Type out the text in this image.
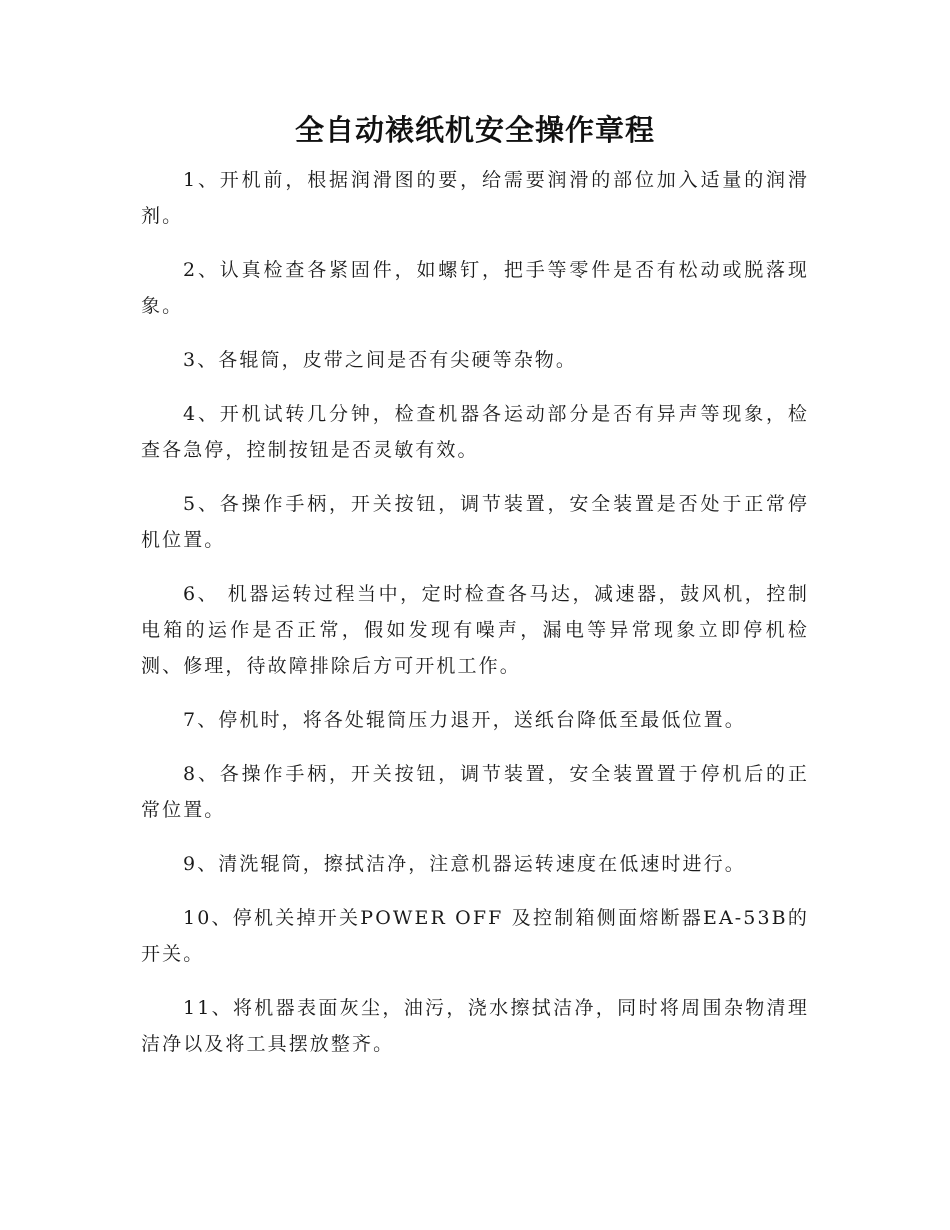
全自动裱纸机安全操作章程

1、开机前，根据润滑图的要，给需要润滑的部位加入适量的润滑剂。

2、认真检查各紧固件，如螺钉，把手等零件是否有松动或脱落现象。

3、各辊筒，皮带之间是否有尖硬等杂物。

4、开机试转几分钟，检查机器各运动部分是否有异声等现象，检查各急停，控制按钮是否灵敏有效。

5、各操作手柄，开关按钮，调节装置，安全装置是否处于正常停机位置。

6、 机器运转过程当中，定时检查各马达，减速器，鼓风机，控制电箱的运作是否正常，假如发现有噪声，漏电等异常现象立即停机检测、修理，待故障排除后方可开机工作。

7、停机时，将各处辊筒压力退开，送纸台降低至最低位置。

8、各操作手柄，开关按钮，调节装置，安全装置置于停机后的正常位置。

9、清洗辊筒，擦拭洁净，注意机器运转速度在低速时进行。

10、停机关掉开关POWER OFF 及控制箱侧面熔断器EA-53B的开关。

11、将机器表面灰尘，油污，浇水擦拭洁净，同时将周围杂物清理洁净以及将工具摆放整齐。
